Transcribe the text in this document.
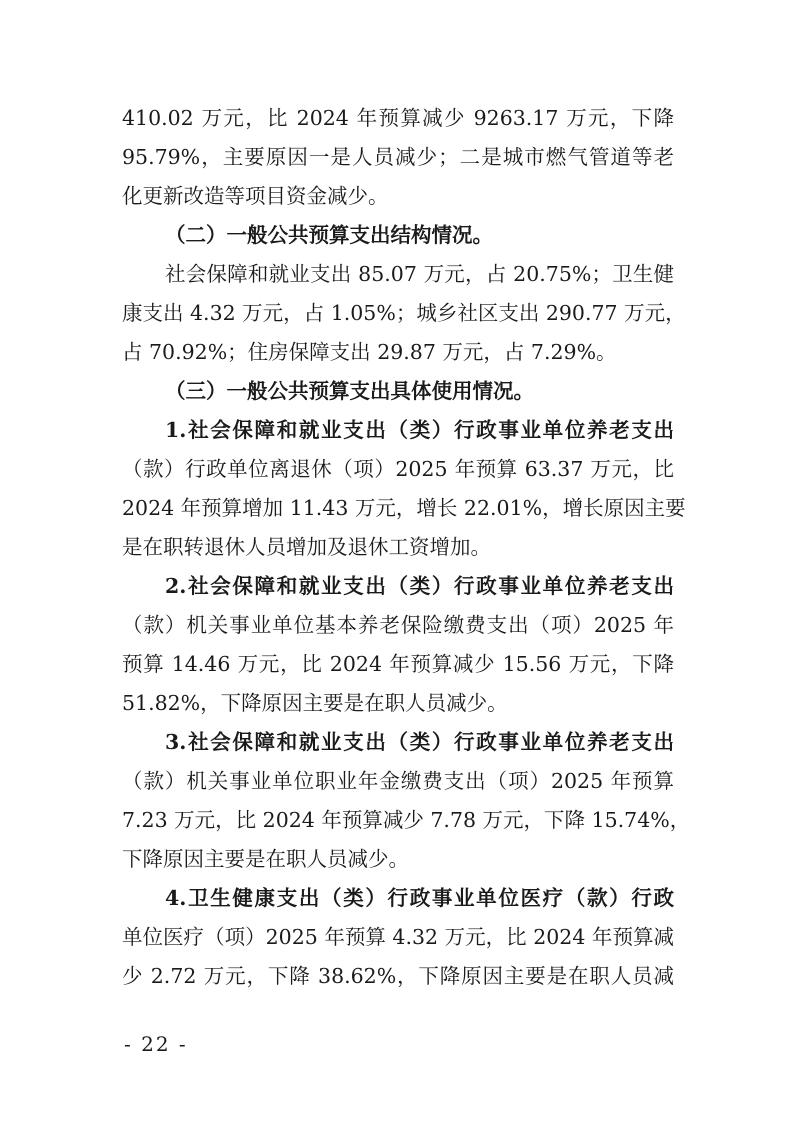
410.02 万元，比 2024 年预算减少 9263.17 万元，下降
95.79%，主要原因一是人员减少；二是城市燃气管道等老
化更新改造等项目资金减少。
（二）一般公共预算支出结构情况。
社会保障和就业支出 85.07 万元，占 20.75%；卫生健
康支出 4.32 万元，占 1.05%；城乡社区支出 290.77 万元，
占 70.92%；住房保障支出 29.87 万元，占 7.29%。
（三）一般公共预算支出具体使用情况。
1.社会保障和就业支出（类）行政事业单位养老支出
（款）行政单位离退休（项）2025 年预算 63.37 万元，比
2024 年预算增加 11.43 万元，增长 22.01%，增长原因主要
是在职转退休人员增加及退休工资增加。
2.社会保障和就业支出（类）行政事业单位养老支出
（款）机关事业单位基本养老保险缴费支出（项）2025 年
预算 14.46 万元，比 2024 年预算减少 15.56 万元，下降
51.82%，下降原因主要是在职人员减少。
3.社会保障和就业支出（类）行政事业单位养老支出
（款）机关事业单位职业年金缴费支出（项）2025 年预算
7.23 万元，比 2024 年预算减少 7.78 万元，下降 15.74%，
下降原因主要是在职人员减少。
4.卫生健康支出（类）行政事业单位医疗（款）行政
单位医疗（项）2025 年预算 4.32 万元，比 2024 年预算减
少 2.72 万元，下降 38.62%，下降原因主要是在职人员减
- 22 -
